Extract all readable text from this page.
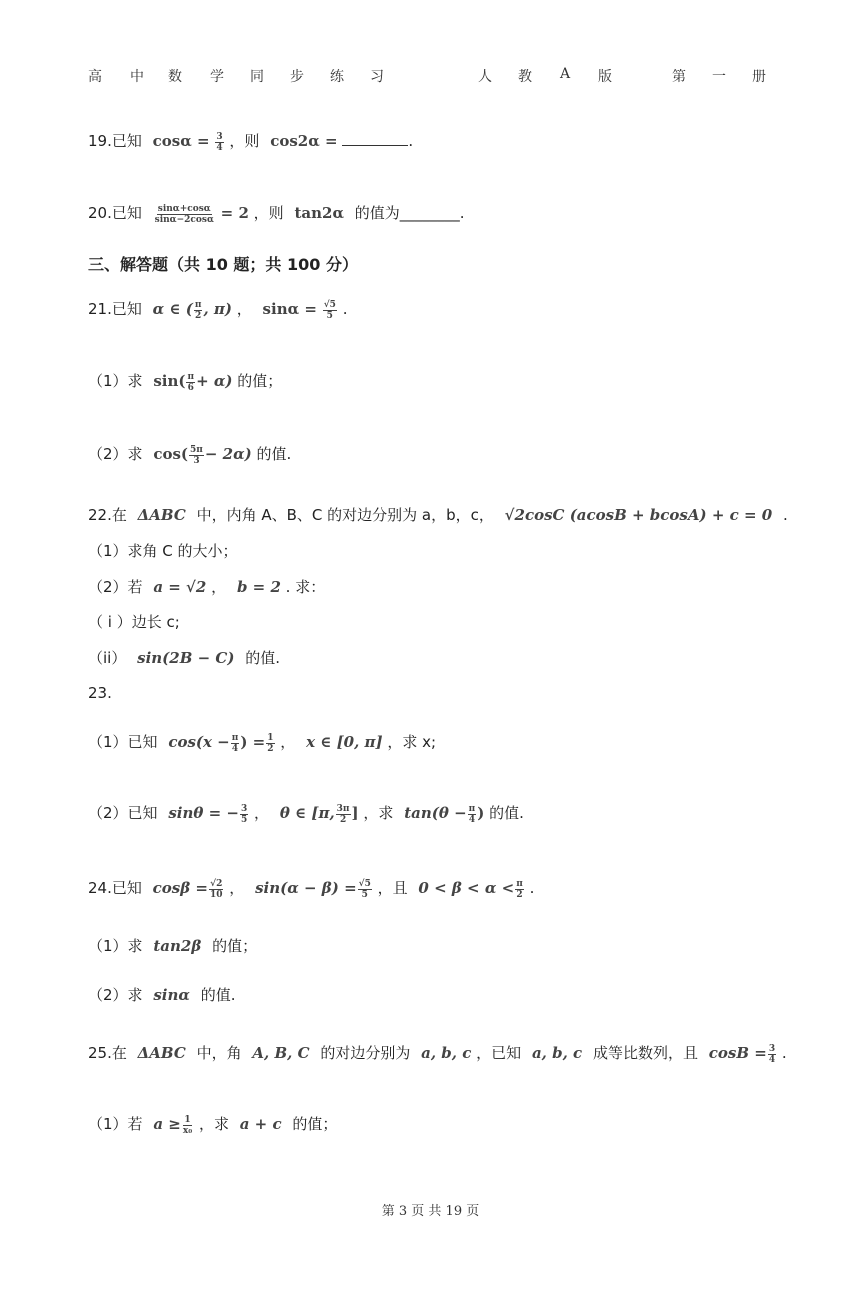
高 中 数 学 同 步 练 习	人 教 A 版	第 一 册
19.已知 $\cos\alpha = \frac{3}{4}$ ，则 cos2α =	.
20.已知 $\frac{\sin\alpha+\cos\alpha}{\sin\alpha-2\cos\alpha} = 2$ ，则 tan2α 的值为________.
三、解答题（共 10 题；共 100 分）
21.已知 α ∈ ( $\frac{\pi}{2}$ , π) ， $\sin\alpha = \frac{√5}{5}$ .
（1）求 $\sin( \frac{\pi}{6} + \alpha)$ 的值；
（2）求 $\cos( \frac{5\pi}{3} - 2\alpha)$ 的值.
22.在 ΔABC 中，内角 A、B、C 的对边分别为 a，b，c， √2cosC (acosB + bcosA) + c = 0 .
（1）求角 C 的大小；
（2）若 a = √2 ， b = 2 . 求：
（ i ）边长 c;
（ii） sin(2B − C) 的值.
23.
（1）已知 $\cos(x - \frac{\pi}{4}$ ) = $\frac{1}{2}$ ， x ∈ [0, π] ，求 x;
（2）已知 sinθ = − $\frac{3}{5}$ ， θ ∈ [π, $\frac{3\pi}{2}$ ] ，求 $\tan(\theta - \frac{\pi}{4}$ ) 的值.
24.已知 $\cos\beta = \frac{√2}{10}$ ， $\sin(\alpha - \beta) = \frac{√5}{5}$ ，且 $0 < \beta < \alpha < \frac{\pi}{2}$ .
（1）求 tan2β 的值；
（2）求 sinα 的值.
25.在 ΔABC 中，角 A, B, C 的对边分别为 a, b, c ，已知 a, b, c 成等比数列，且 $\cos B = \frac{3}{4}$ .
（1）若 $a \ge \frac{1}{\text{x₀}}$ ，求 a + c 的值；
第 3 页 共 19 页
